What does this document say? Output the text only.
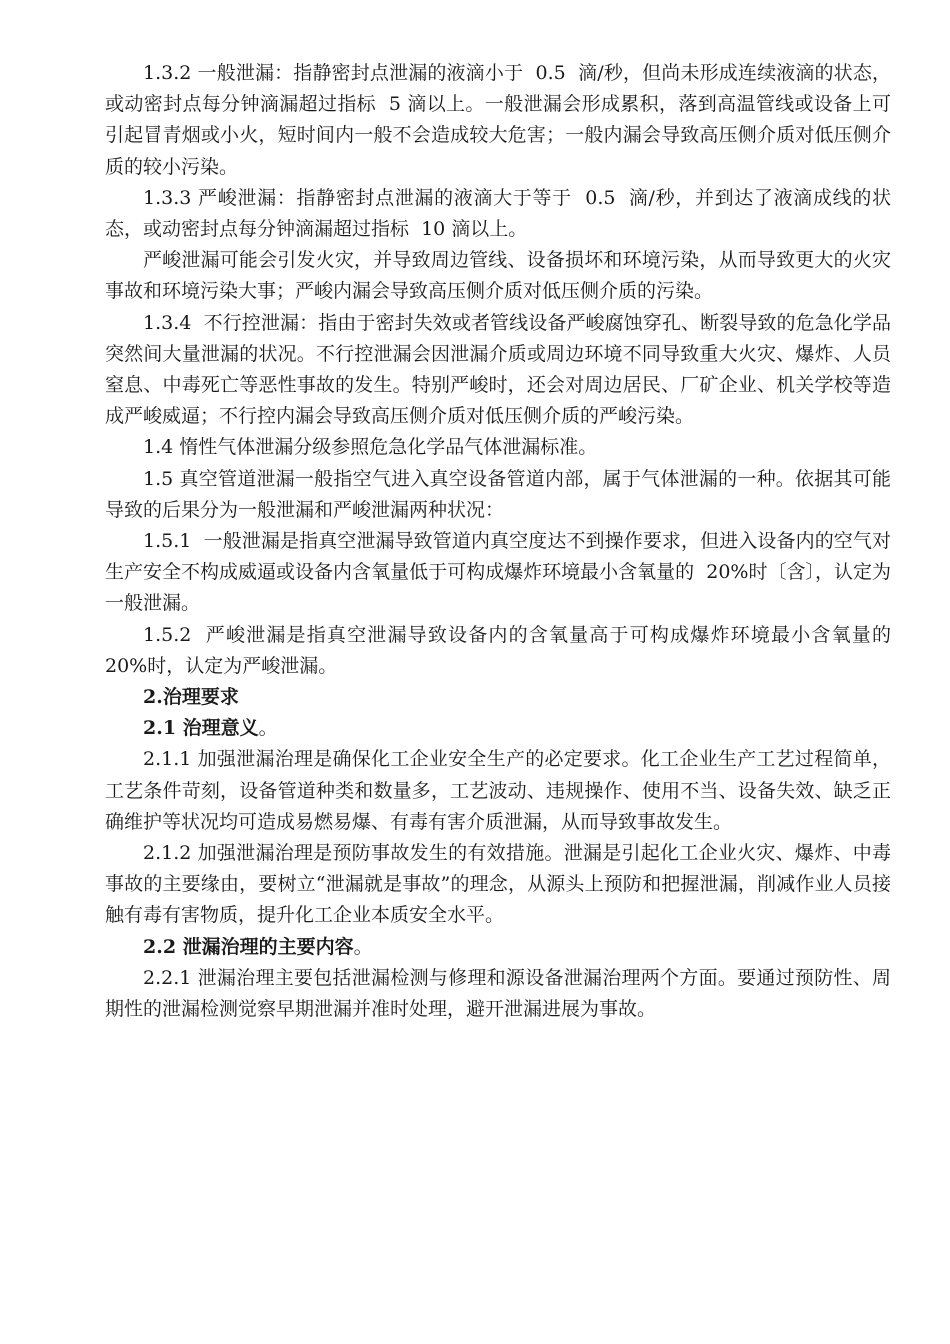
1.3.2 一般泄漏：指静密封点泄漏的液滴小于  0.5  滴/秒，但尚未形成连续液滴的状态，或动密封点每分钟滴漏超过指标  5 滴以上。一般泄漏会形成累积，落到高温管线或设备上可引起冒青烟或小火，短时间内一般不会造成较大危害；一般内漏会导致高压侧介质对低压侧介质的较小污染。

1.3.3 严峻泄漏：指静密封点泄漏的液滴大于等于  0.5  滴/秒，并到达了液滴成线的状态，或动密封点每分钟滴漏超过指标  10 滴以上。

严峻泄漏可能会引发火灾，并导致周边管线、设备损坏和环境污染，从而导致更大的火灾事故和环境污染大事；严峻内漏会导致高压侧介质对低压侧介质的污染。

1.3.4  不行控泄漏：指由于密封失效或者管线设备严峻腐蚀穿孔、断裂导致的危急化学品突然间大量泄漏的状况。不行控泄漏会因泄漏介质或周边环境不同导致重大火灾、爆炸、人员窒息、中毒死亡等恶性事故的发生。特别严峻时，还会对周边居民、厂矿企业、机关学校等造成严峻威逼；不行控内漏会导致高压侧介质对低压侧介质的严峻污染。

1.4 惰性气体泄漏分级参照危急化学品气体泄漏标准。

1.5 真空管道泄漏一般指空气进入真空设备管道内部，属于气体泄漏的一种。依据其可能导致的后果分为一般泄漏和严峻泄漏两种状况：

1.5.1  一般泄漏是指真空泄漏导致管道内真空度达不到操作要求，但进入设备内的空气对生产安全不构成威逼或设备内含氧量低于可构成爆炸环境最小含氧量的  20%时〔含〕，认定为一般泄漏。

1.5.2  严峻泄漏是指真空泄漏导致设备内的含氧量高于可构成爆炸环境最小含氧量的  20%时，认定为严峻泄漏。

2.治理要求

2.1 治理意义。

2.1.1 加强泄漏治理是确保化工企业安全生产的必定要求。化工企业生产工艺过程简单，工艺条件苛刻，设备管道种类和数量多，工艺波动、违规操作、使用不当、设备失效、缺乏正确维护等状况均可造成易燃易爆、有毒有害介质泄漏，从而导致事故发生。

2.1.2 加强泄漏治理是预防事故发生的有效措施。泄漏是引起化工企业火灾、爆炸、中毒事故的主要缘由，要树立“泄漏就是事故”的理念，从源头上预防和把握泄漏，削减作业人员接触有毒有害物质，提升化工企业本质安全水平。

2.2 泄漏治理的主要内容。

2.2.1 泄漏治理主要包括泄漏检测与修理和源设备泄漏治理两个方面。要通过预防性、周期性的泄漏检测觉察早期泄漏并准时处理，避开泄漏进展为事故。
